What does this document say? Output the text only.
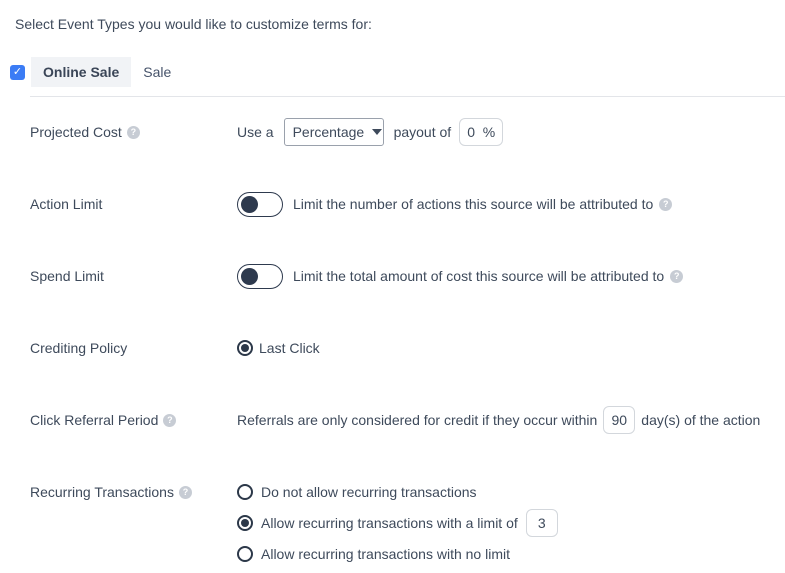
Select Event Types you would like to customize terms for:
✓	Online Sale	Sale
Projected Cost ?	Use a Percentage payout of 0 %
Action Limit	Limit the number of actions this source will be attributed to	?
Spend Limit	Limit the total amount of cost this source will be attributed to	?
Crediting Policy	Last Click
Click Referral Period ?	Referrals are only considered for credit if they occur within 90 day(s) of the action
Recurring Transactions ?	Do not allow recurring transactions
Allow recurring transactions with a limit of 3
Allow recurring transactions with no limit
